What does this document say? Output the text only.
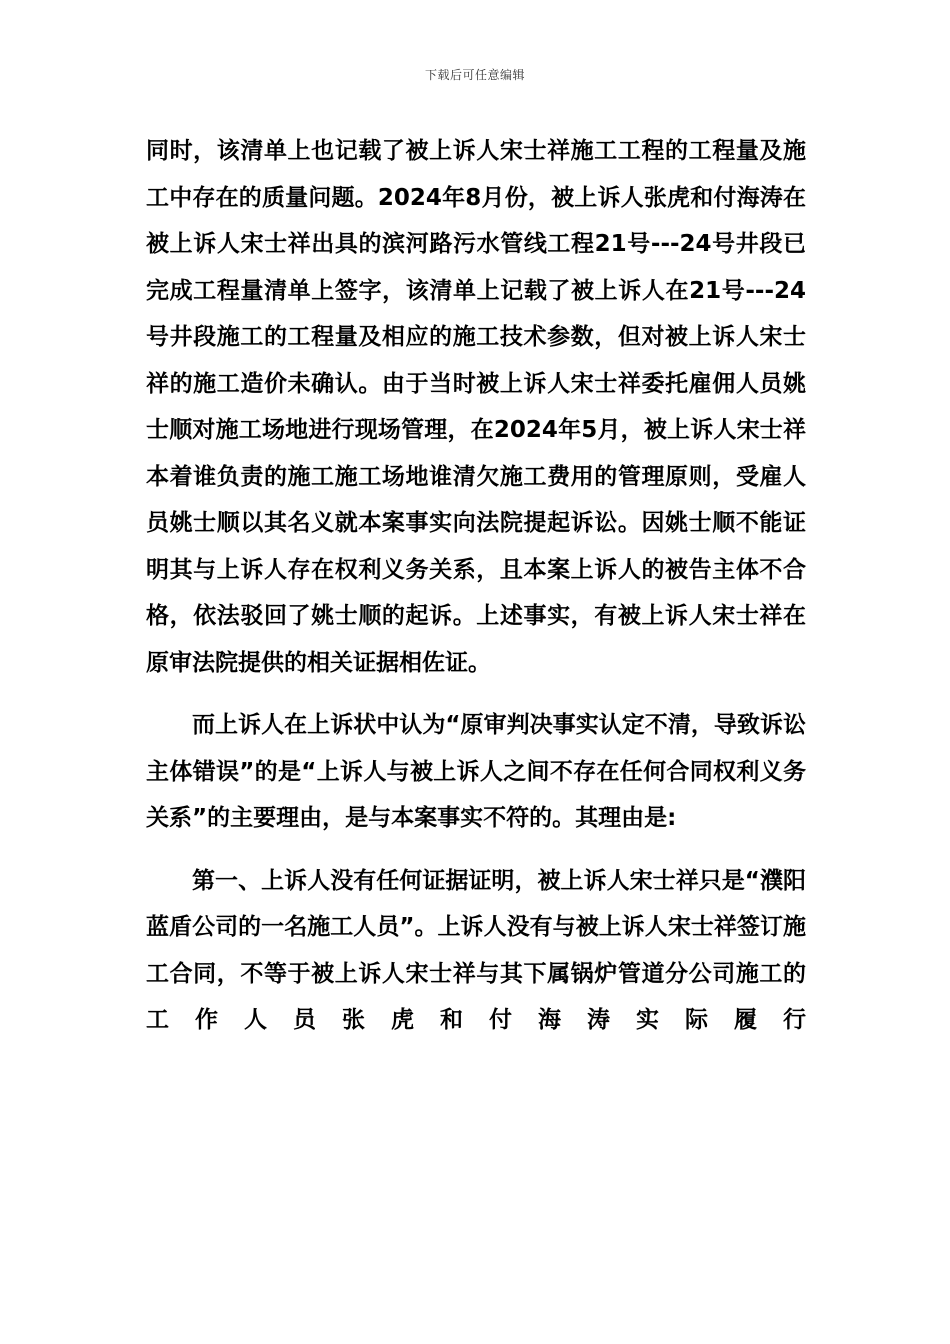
下载后可任意编辑

同时，该清单上也记载了被上诉人宋士祥施工工程的工程量及施工中存在的质量问题。2024年8月份，被上诉人张虎和付海涛在被上诉人宋士祥出具的滨河路污水管线工程21号---24号井段已完成工程量清单上签字，该清单上记载了被上诉人在21号---24号井段施工的工程量及相应的施工技术参数，但对被上诉人宋士祥的施工造价未确认。由于当时被上诉人宋士祥委托雇佣人员姚士顺对施工场地进行现场管理，在2024年5月，被上诉人宋士祥本着谁负责的施工施工场地谁清欠施工费用的管理原则，受雇人员姚士顺以其名义就本案事实向法院提起诉讼。因姚士顺不能证明其与上诉人存在权利义务关系，且本案上诉人的被告主体不合格，依法驳回了姚士顺的起诉。上述事实，有被上诉人宋士祥在原审法院提供的相关证据相佐证。

而上诉人在上诉状中认为“原审判决事实认定不清，导致诉讼主体错误”的是“上诉人与被上诉人之间不存在任何合同权利义务关系”的主要理由，是与本案事实不符的。其理由是:

第一、上诉人没有任何证据证明，被上诉人宋士祥只是“濮阳蓝盾公司的一名施工人员”。上诉人没有与被上诉人宋士祥签订施工合同，不等于被上诉人宋士祥与其下属锅炉管道分公司施工的工作人员张虎和付海涛实际履行
